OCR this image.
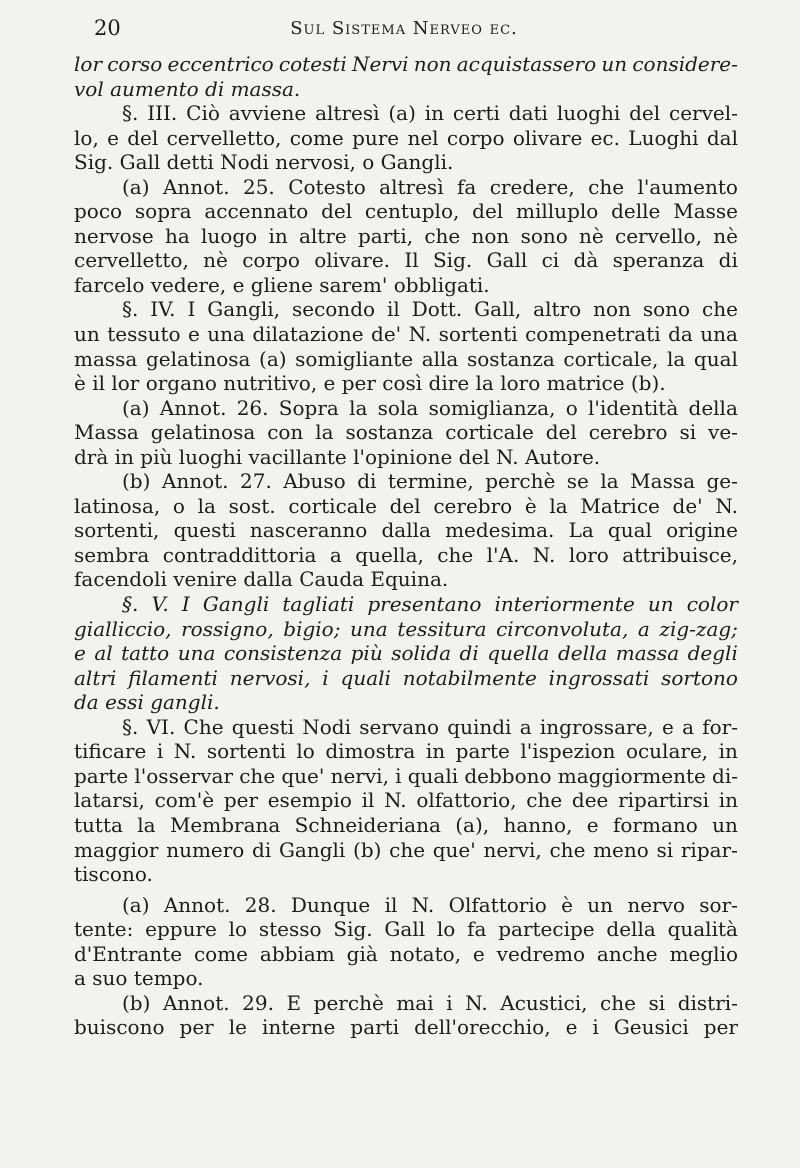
20	Sul Sistema Nerveo ec.
lor corso eccentrico cotesti Nervi non acquistassero un considere-
vol aumento di massa.
§. III. Ciò avviene altresì (a) in certi dati luoghi del cervel-
lo, e del cervelletto, come pure nel corpo olivare ec. Luoghi dal
Sig. Gall detti Nodi nervosi, o Gangli.
(a) Annot. 25. Cotesto altresì fa credere, che l'aumento
poco sopra accennato del centuplo, del milluplo delle Masse
nervose ha luogo in altre parti, che non sono nè cervello, nè
cervelletto, nè corpo olivare. Il Sig. Gall ci dà speranza di
farcelo vedere, e gliene sarem' obbligati.
§. IV. I Gangli, secondo il Dott. Gall, altro non sono che
un tessuto e una dilatazione de' N. sortenti compenetrati da una
massa gelatinosa (a) somigliante alla sostanza corticale, la qual
è il lor organo nutritivo, e per così dire la loro matrice (b).
(a) Annot. 26. Sopra la sola somiglianza, o l'identità della
Massa gelatinosa con la sostanza corticale del cerebro si ve-
drà in più luoghi vacillante l'opinione del N. Autore.
(b) Annot. 27. Abuso di termine, perchè se la Massa ge-
latinosa, o la sost. corticale del cerebro è la Matrice de' N.
sortenti, questi nasceranno dalla medesima. La qual origine
sembra contraddittoria a quella, che l'A. N. loro attribuisce,
facendoli venire dalla Cauda Equina.
§. V. I Gangli tagliati presentano interiormente un color
gialliccio, rossigno, bigio; una tessitura circonvoluta, a zig-zag;
e al tatto una consistenza più solida di quella della massa degli
altri filamenti nervosi, i quali notabilmente ingrossati sortono
da essi gangli.
§. VI. Che questi Nodi servano quindi a ingrossare, e a for-
tificare i N. sortenti lo dimostra in parte l'ispezion oculare, in
parte l'osservar che que' nervi, i quali debbono maggiormente di-
latarsi, com'è per esempio il N. olfattorio, che dee ripartirsi in
tutta la Membrana Schneideriana (a), hanno, e formano un
maggior numero di Gangli (b) che que' nervi, che meno si ripar-
tiscono.
(a) Annot. 28. Dunque il N. Olfattorio è un nervo sor-
tente: eppure lo stesso Sig. Gall lo fa partecipe della qualità
d'Entrante come abbiam già notato, e vedremo anche meglio
a suo tempo.
(b) Annot. 29. E perchè mai i N. Acustici, che si distri-
buiscono per le interne parti dell'orecchio, e i Geusici per
